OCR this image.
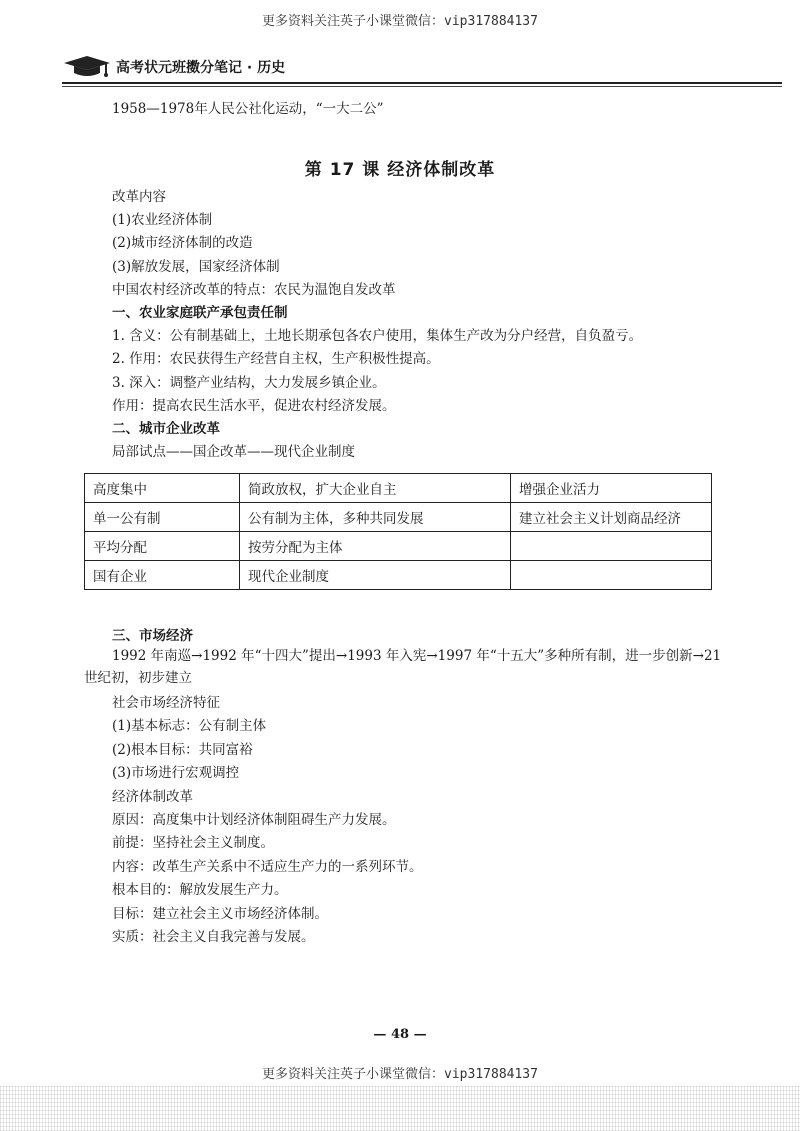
更多资料关注英子小课堂微信：vip317884137
高考状元班擞分笔记 · 历史
1958—1978年人民公社化运动，“一大二公”
第 17 课 经济体制改革
改革内容
(1)农业经济体制
(2)城市经济体制的改造
(3)解放发展，国家经济体制
中国农村经济改革的特点：农民为温饱自发改革
一、农业家庭联产承包责任制
1. 含义：公有制基础上，土地长期承包各农户使用，集体生产改为分户经营，自负盈亏。
2. 作用：农民获得生产经营自主权，生产积极性提高。
3. 深入：调整产业结构，大力发展乡镇企业。
作用：提高农民生活水平，促进农村经济发展。
二、城市企业改革
局部试点——国企改革——现代企业制度
高度集中	简政放权，扩大企业自主	增强企业活力
单一公有制	公有制为主体，多种共同发展	建立社会主义计划商品经济
平均分配	按劳分配为主体	
国有企业	现代企业制度	
三、市场经济
1992 年南巡→1992 年“十四大”提出→1993 年入宪→1997 年“十五大”多种所有制，进一步创新→21
世纪初，初步建立
社会市场经济特征
(1)基本标志：公有制主体
(2)根本目标：共同富裕
(3)市场进行宏观调控
经济体制改革
原因：高度集中计划经济体制阻碍生产力发展。
前提：坚持社会主义制度。
内容：改革生产关系中不适应生产力的一系列环节。
根本目的：解放发展生产力。
目标：建立社会主义市场经济体制。
实质：社会主义自我完善与发展。
— 48 —
更多资料关注英子小课堂微信：vip317884137
